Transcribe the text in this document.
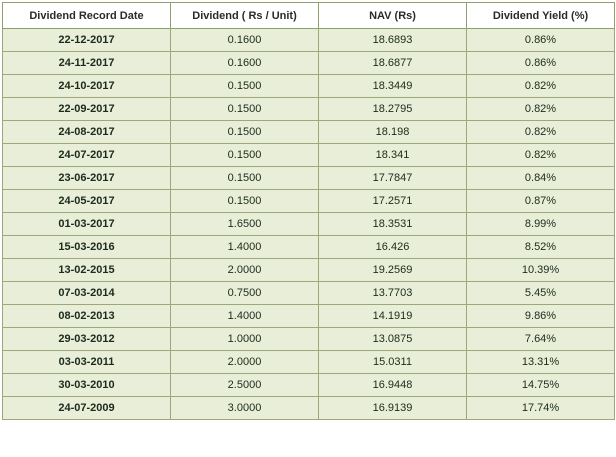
Dividend Record Date	Dividend ( Rs / Unit)	NAV (Rs)	Dividend Yield (%)
22-12-2017	0.1600	18.6893	0.86%
24-11-2017	0.1600	18.6877	0.86%
24-10-2017	0.1500	18.3449	0.82%
22-09-2017	0.1500	18.2795	0.82%
24-08-2017	0.1500	18.198	0.82%
24-07-2017	0.1500	18.341	0.82%
23-06-2017	0.1500	17.7847	0.84%
24-05-2017	0.1500	17.2571	0.87%
01-03-2017	1.6500	18.3531	8.99%
15-03-2016	1.4000	16.426	8.52%
13-02-2015	2.0000	19.2569	10.39%
07-03-2014	0.7500	13.7703	5.45%
08-02-2013	1.4000	14.1919	9.86%
29-03-2012	1.0000	13.0875	7.64%
03-03-2011	2.0000	15.0311	13.31%
30-03-2010	2.5000	16.9448	14.75%
24-07-2009	3.0000	16.9139	17.74%
